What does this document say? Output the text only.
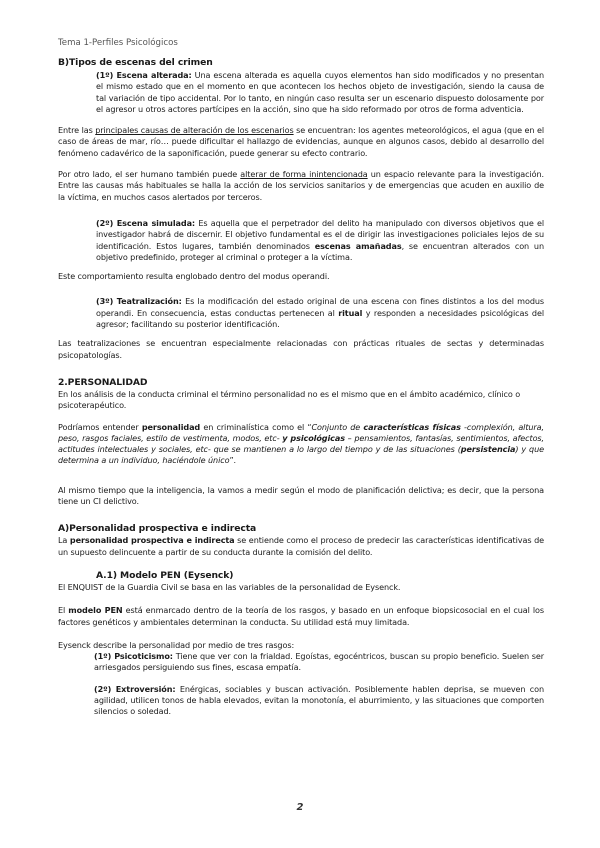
Tema 1-Perfiles Psicológicos

B)Tipos de escenas del crimen

(1º) Escena alterada: Una escena alterada es aquella cuyos elementos han sido modificados y no presentan el mismo estado que en el momento en que acontecen los hechos objeto de investigación, siendo la causa de tal variación de tipo accidental. Por lo tanto, en ningún caso resulta ser un escenario dispuesto dolosamente por el agresor u otros actores partícipes en la acción, sino que ha sido reformado por otros de forma adventicia.

Entre las principales causas de alteración de los escenarios se encuentran: los agentes meteorológicos, el agua (que en el caso de áreas de mar, río… puede dificultar el hallazgo de evidencias, aunque en algunos casos, debido al desarrollo del fenómeno cadavérico de la saponificación, puede generar su efecto contrario.

Por otro lado, el ser humano también puede alterar de forma inintencionada un espacio relevante para la investigación. Entre las causas más habituales se halla la acción de los servicios sanitarios y de emergencias que acuden en auxilio de la víctima, en muchos casos alertados por terceros.

(2º) Escena simulada: Es aquella que el perpetrador del delito ha manipulado con diversos objetivos que el investigador habrá de discernir. El objetivo fundamental es el de dirigir las investigaciones policiales lejos de su identificación. Estos lugares, también denominados escenas amañadas, se encuentran alterados con un objetivo predefinido, proteger al criminal o proteger a la víctima.

Este comportamiento resulta englobado dentro del modus operandi.

(3º) Teatralización: Es la modificación del estado original de una escena con fines distintos a los del modus operandi. En consecuencia, estas conductas pertenecen al ritual y responden a necesidades psicológicas del agresor; facilitando su posterior identificación.

Las teatralizaciones se encuentran especialmente relacionadas con prácticas rituales de sectas y determinadas psicopatologías.

2.PERSONALIDAD

En los análisis de la conducta criminal el término personalidad no es el mismo que en el ámbito académico, clínico o psicoterapéutico.

Podríamos entender personalidad en criminalística como el “Conjunto de características físicas -complexión, altura, peso, rasgos faciales, estilo de vestimenta, modos, etc- y psicológicas – pensamientos, fantasías, sentimientos, afectos, actitudes intelectuales y sociales, etc- que se mantienen a lo largo del tiempo y de las situaciones (persistencia) y que determina a un individuo, haciéndole único”.

Al mismo tiempo que la inteligencia, la vamos a medir según el modo de planificación delictiva; es decir, que la persona tiene un CI delictivo.

A)Personalidad prospectiva e indirecta

La personalidad prospectiva e indirecta se entiende como el proceso de predecir las características identificativas de un supuesto delincuente a partir de su conducta durante la comisión del delito.

A.1) Modelo PEN (Eysenck)

El ENQUIST de la Guardia Civil se basa en las variables de la personalidad de Eysenck.

El modelo PEN está enmarcado dentro de la teoría de los rasgos, y basado en un enfoque biopsicosocial en el cual los factores genéticos y ambientales determinan la conducta. Su utilidad está muy limitada.

Eysenck describe la personalidad por medio de tres rasgos:

(1º) Psicoticismo: Tiene que ver con la frialdad. Egoístas, egocéntricos, buscan su propio beneficio. Suelen ser arriesgados persiguiendo sus fines, escasa empatía.

(2º) Extroversión: Enérgicas, sociables y buscan activación. Posiblemente hablen deprisa, se mueven con agilidad, utilicen tonos de habla elevados, evitan la monotonía, el aburrimiento, y las situaciones que comporten silencios o soledad.

2
